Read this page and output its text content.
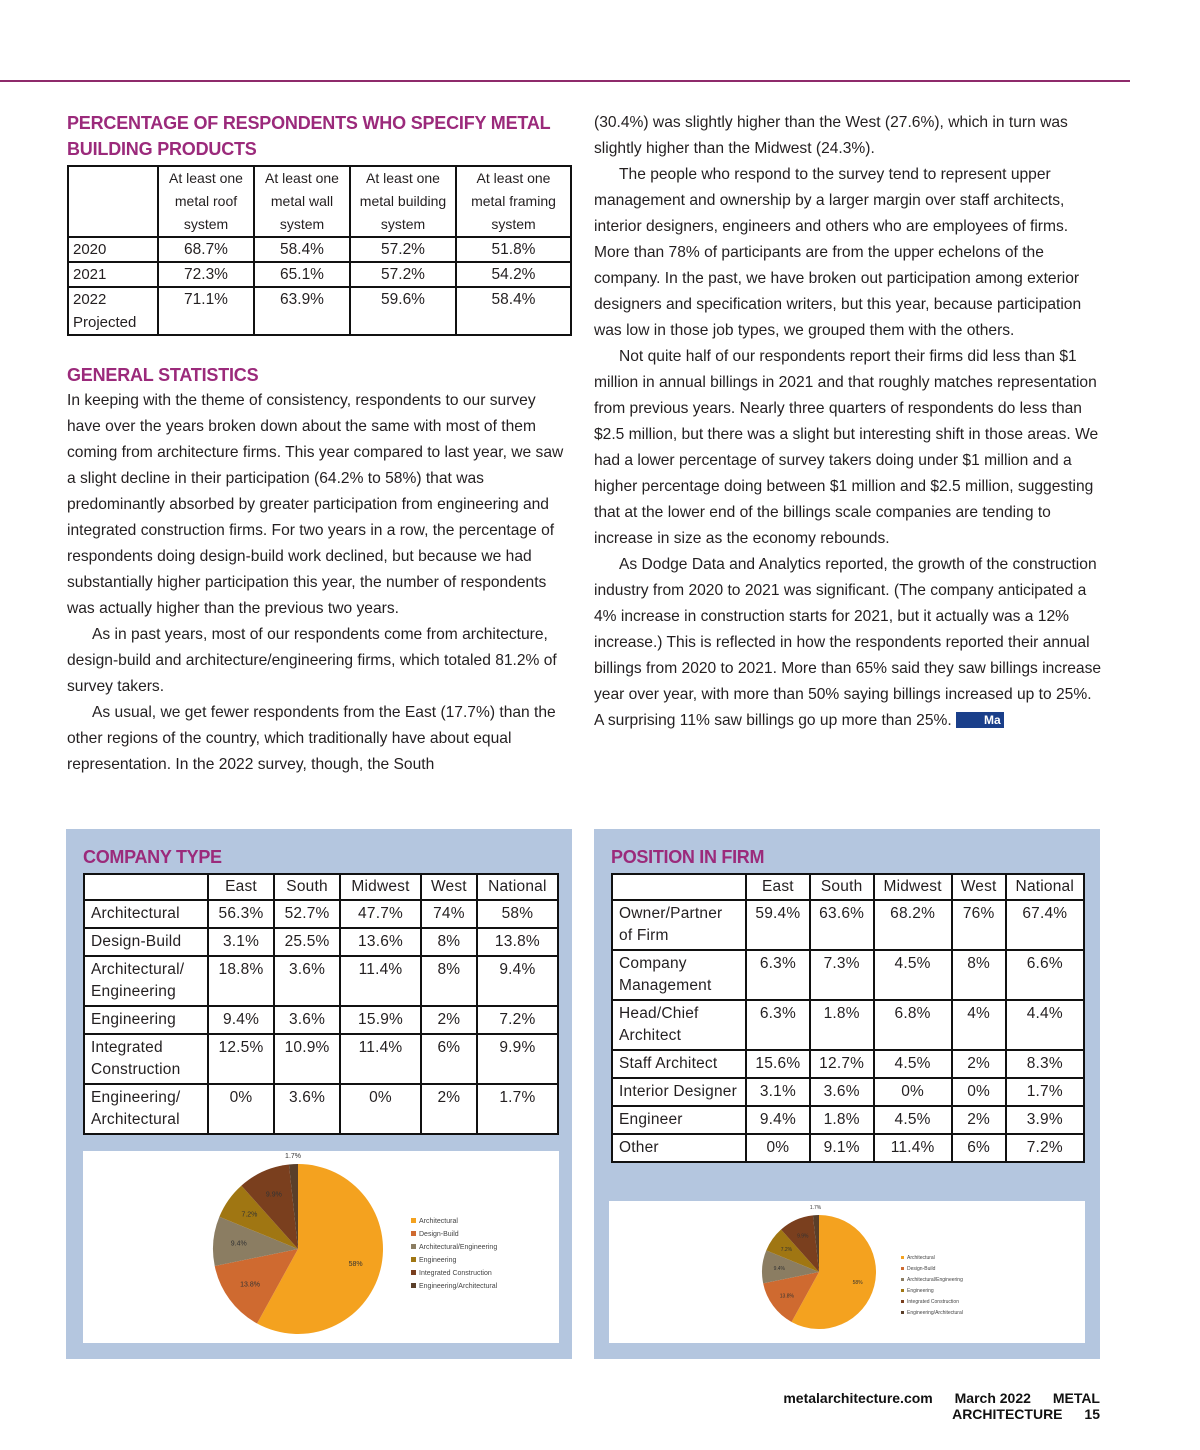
PERCENTAGE OF RESPONDENTS WHO SPECIFY METAL BUILDING PRODUCTS
	At least one metal roof system	At least one metal wall system	At least one metal building system	At least one metal framing system
2020	68.7%	58.4%	57.2%	51.8%
2021	72.3%	65.1%	57.2%	54.2%
2022 Projected	71.1%	63.9%	59.6%	58.4%
GENERAL STATISTICS

In keeping with the theme of consistency, respondents to our survey have over the years broken down about the same with most of them coming from architecture firms. This year compared to last year, we saw a slight decline in their participation (64.2% to 58%) that was predominantly absorbed by greater participation from engineering and integrated construction firms. For two years in a row, the percentage of respondents doing design-build work declined, but because we had substantially higher participation this year, the number of respondents was actually higher than the previous two years.

As in past years, most of our respondents come from architecture, design-build and architecture/engineering firms, which totaled 81.2% of survey takers.

As usual, we get fewer respondents from the East (17.7%) than the other regions of the country, which traditionally have about equal representation. In the 2022 survey, though, the South

(30.4%) was slightly higher than the West (27.6%), which in turn was slightly higher than the Midwest (24.3%).

The people who respond to the survey tend to represent upper management and ownership by a larger margin over staff architects, interior designers, engineers and others who are employees of firms. More than 78% of participants are from the upper echelons of the company. In the past, we have broken out participation among exterior designers and specification writers, but this year, because participation was low in those job types, we grouped them with the others.

Not quite half of our respondents report their firms did less than $1 million in annual billings in 2021 and that roughly matches representation from previous years. Nearly three quarters of respondents do less than $2.5 million, but there was a slight but interesting shift in those areas. We had a lower percentage of survey takers doing under $1 million and a higher percentage doing between $1 million and $2.5 million, suggesting that at the lower end of the billings scale companies are tending to increase in size as the economy rebounds.

As Dodge Data and Analytics reported, the growth of the construction industry from 2020 to 2021 was significant. (The company anticipated a 4% increase in construction starts for 2021, but it actually was a 12% increase.) This is reflected in how the respondents reported their annual billings from 2020 to 2021. More than 65% said they saw billings increase year over year, with more than 50% saying billings increased up to 25%. A surprising 11% saw billings go up more than 25%.	Ma

COMPANY TYPE
	East	South	Midwest	West	National
Architectural	56.3%	52.7%	47.7%	74%	58%
Design-Build	3.1%	25.5%	13.6%	8%	13.8%
Architectural/ Engineering	18.8%	3.6%	11.4%	8%	9.4%
Engineering	9.4%	3.6%	15.9%	2%	7.2%
Integrated Construction	12.5%	10.9%	11.4%	6%	9.9%
Engineering/ Architectural	0%	3.6%	0%	2%	1.7%
58%
13.8%
9.4%
7.2%
9.9%
1.7%
Architectural
Design-Build
Architectural/Engineering
Engineering
Integrated Construction
Engineering/Architectural
POSITION IN FIRM
	East	South	Midwest	West	National
Owner/Partner of Firm	59.4%	63.6%	68.2%	76%	67.4%
Company Management	6.3%	7.3%	4.5%	8%	6.6%
Head/Chief Architect	6.3%	1.8%	6.8%	4%	4.4%
Staff Architect	15.6%	12.7%	4.5%	2%	8.3%
Interior Designer	3.1%	3.6%	0%	0%	1.7%
Engineer	9.4%	1.8%	4.5%	2%	3.9%
Other	0%	9.1%	11.4%	6%	7.2%
58%
13.8%
9.4%
7.2%
9.9%
1.7%
Architectural
Design-Build
Architectural/Engineering
Engineering
Integrated Construction
Engineering/Architectural
metalarchitecture.com March 2022 METAL ARCHITECTURE 15
